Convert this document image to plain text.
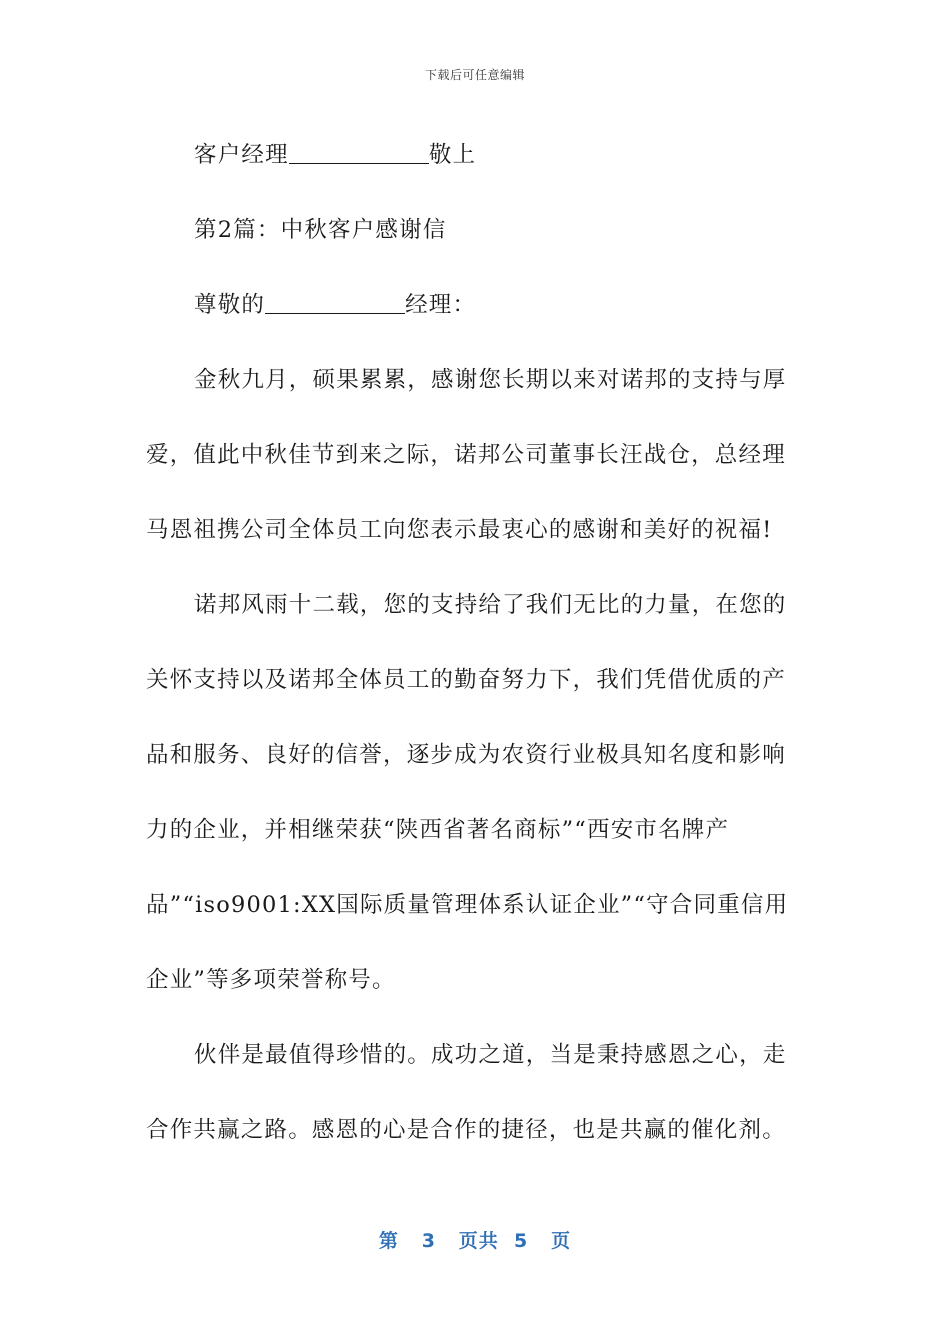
下载后可任意编辑

客户经理	敬上

第2篇：中秋客户感谢信

尊敬的	经理：

金秋九月，硕果累累，感谢您长期以来对诺邦的支持与厚爱，值此中秋佳节到来之际，诺邦公司董事长汪战仓，总经理马恩祖携公司全体员工向您表示最衷心的感谢和美好的祝福!

诺邦风雨十二载，您的支持给了我们无比的力量，在您的关怀支持以及诺邦全体员工的勤奋努力下，我们凭借优质的产品和服务、良好的信誉，逐步成为农资行业极具知名度和影响力的企业，并相继荣获“陕西省著名商标”“西安市名牌产品”“iso9001:XX国际质量管理体系认证企业”“守合同重信用企业”等多项荣誉称号。

伙伴是最值得珍惜的。成功之道，当是秉持感恩之心，走合作共赢之路。感恩的心是合作的捷径，也是共赢的催化剂。

第 3 页共 5 页
